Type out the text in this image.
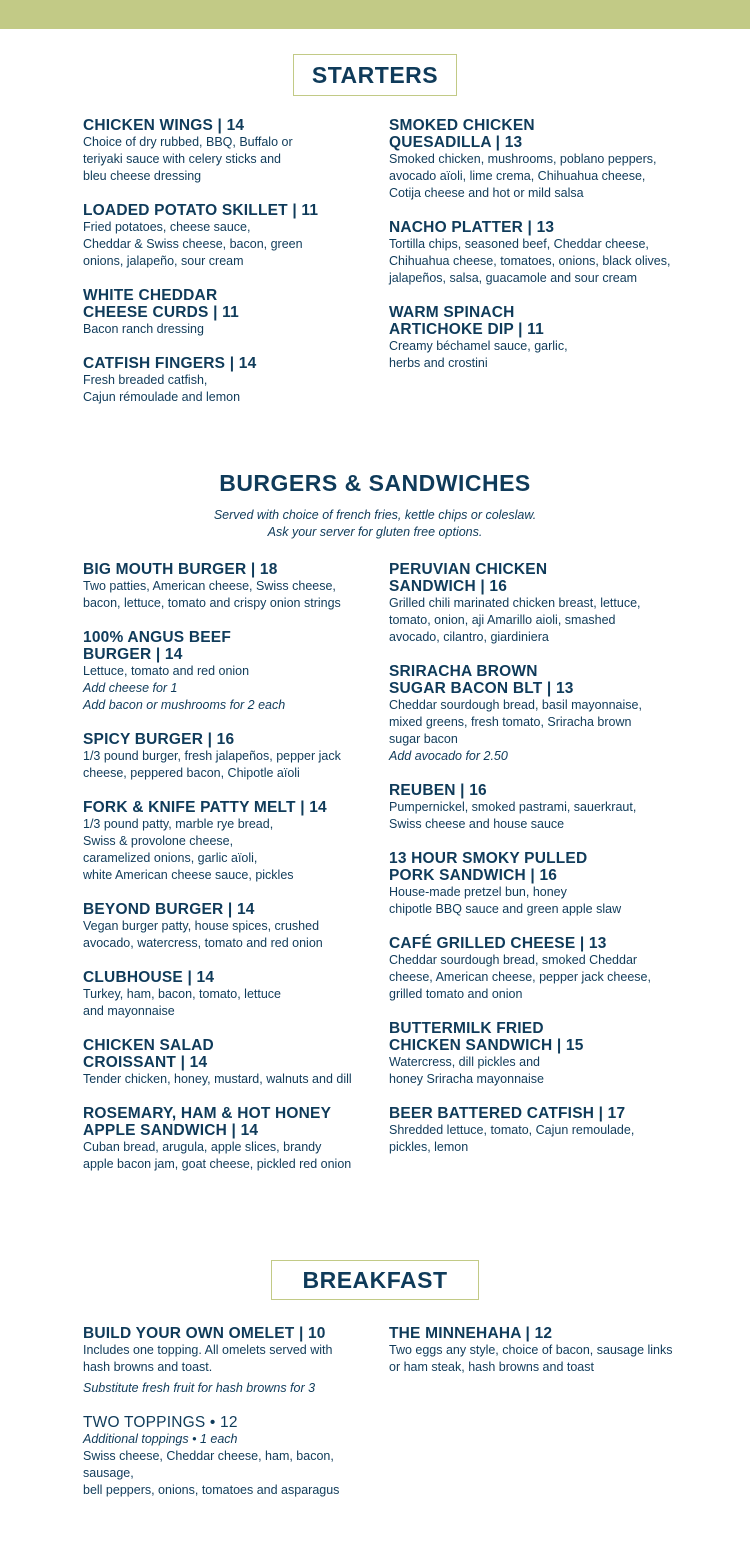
STARTERS
CHICKEN WINGS | 14
Choice of dry rubbed, BBQ, Buffalo or
teriyaki sauce with celery sticks and
bleu cheese dressing
LOADED POTATO SKILLET | 11
Fried potatoes, cheese sauce,
Cheddar & Swiss cheese, bacon, green
onions, jalapeño, sour cream
WHITE CHEDDAR
CHEESE CURDS | 11
Bacon ranch dressing
CATFISH FINGERS | 14
Fresh breaded catfish,
Cajun rémoulade and lemon
SMOKED CHICKEN
QUESADILLA | 13
Smoked chicken, mushrooms, poblano peppers,
avocado aïoli, lime crema, Chihuahua cheese,
Cotija cheese and hot or mild salsa
NACHO PLATTER | 13
Tortilla chips, seasoned beef, Cheddar cheese,
Chihuahua cheese, tomatoes, onions, black olives,
jalapeños, salsa, guacamole and sour cream
WARM SPINACH
ARTICHOKE DIP | 11
Creamy béchamel sauce, garlic,
herbs and crostini
BURGERS & SANDWICHES
Served with choice of french fries, kettle chips or coleslaw.
Ask your server for gluten free options.
BIG MOUTH BURGER | 18
Two patties, American cheese, Swiss cheese,
bacon, lettuce, tomato and crispy onion strings
100% ANGUS BEEF
BURGER | 14
Lettuce, tomato and red onion
Add cheese for 1
Add bacon or mushrooms for 2 each
SPICY BURGER | 16
1/3 pound burger, fresh jalapeños, pepper jack
cheese, peppered bacon, Chipotle aïoli
FORK & KNIFE PATTY MELT | 14
1/3 pound patty, marble rye bread,
Swiss & provolone cheese,
caramelized onions, garlic aïoli,
white American cheese sauce, pickles
BEYOND BURGER | 14
Vegan burger patty, house spices, crushed
avocado, watercress, tomato and red onion
CLUBHOUSE | 14
Turkey, ham, bacon, tomato, lettuce
and mayonnaise
CHICKEN SALAD
CROISSANT | 14
Tender chicken, honey, mustard, walnuts and dill
ROSEMARY, HAM & HOT HONEY
APPLE SANDWICH | 14
Cuban bread, arugula, apple slices, brandy
apple bacon jam, goat cheese, pickled red onion
PERUVIAN CHICKEN
SANDWICH | 16
Grilled chili marinated chicken breast, lettuce,
tomato, onion, aji Amarillo aioli, smashed
avocado, cilantro, giardiniera
SRIRACHA BROWN
SUGAR BACON BLT | 13
Cheddar sourdough bread, basil mayonnaise,
mixed greens, fresh tomato, Sriracha brown
sugar bacon
Add avocado for 2.50
REUBEN | 16
Pumpernickel, smoked pastrami, sauerkraut,
Swiss cheese and house sauce
13 HOUR SMOKY PULLED
PORK SANDWICH | 16
House-made pretzel bun, honey
chipotle BBQ sauce and green apple slaw
CAFÉ GRILLED CHEESE | 13
Cheddar sourdough bread, smoked Cheddar
cheese, American cheese, pepper jack cheese,
grilled tomato and onion
BUTTERMILK FRIED
CHICKEN SANDWICH | 15
Watercress, dill pickles and
honey Sriracha mayonnaise
BEER BATTERED CATFISH | 17
Shredded lettuce, tomato, Cajun remoulade,
pickles, lemon
BREAKFAST
BUILD YOUR OWN OMELET | 10
Includes one topping. All omelets served with
hash browns and toast.
Substitute fresh fruit for hash browns for 3
TWO TOPPINGS • 12
Additional toppings • 1 each
Swiss cheese, Cheddar cheese, ham, bacon, sausage,
bell peppers, onions, tomatoes and asparagus
THE MINNEHAHA | 12
Two eggs any style, choice of bacon, sausage links
or ham steak, hash browns and toast
